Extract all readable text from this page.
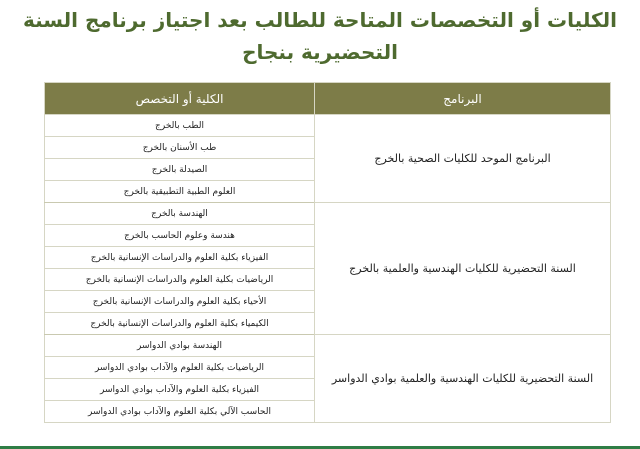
الكليات أو التخصصات المتاحة للطالب بعد اجتياز برنامج السنة التحضيرية بنجاح
البرنامج	الكلية أو التخصص
البرنامج الموحد للكليات الصحية بالخرج	الطب بالخرج
	طب الأسنان بالخرج
	الصيدلة بالخرج
	العلوم الطبية التطبيقية بالخرج
السنة التحضيرية للكليات الهندسية والعلمية بالخرج	الهندسة بالخرج
	هندسة وعلوم الحاسب بالخرج
	الفيزياء بكلية العلوم والدراسات الإنسانية بالخرج
	الرياضيات بكلية العلوم والدراسات الإنسانية بالخرج
	الأحياء بكلية العلوم والدراسات الإنسانية بالخرج
	الكيمياء بكلية العلوم والدراسات الإنسانية بالخرج
السنة التحضيرية للكليات الهندسية والعلمية بوادي الدواسر	الهندسة بوادي الدواسر
	الرياضيات بكلية العلوم والآداب بوادي الدواسر
	الفيزياء بكلية العلوم والآداب بوادي الدواسر
	الحاسب الآلي بكلية العلوم والآداب بوادي الدواسر
